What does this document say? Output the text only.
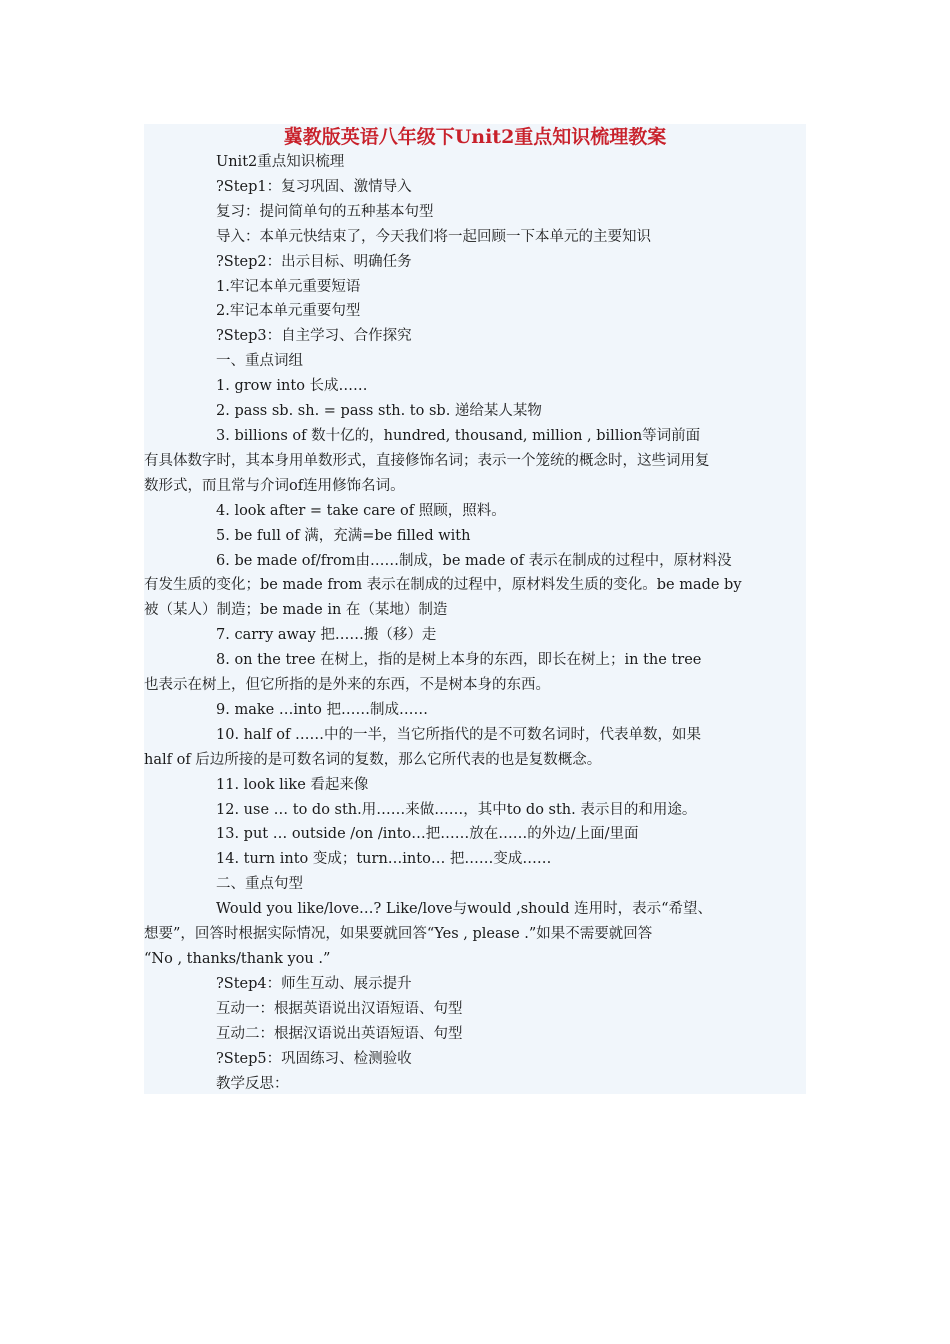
冀教版英语八年级下Unit2重点知识梳理教案

Unit2重点知识梳理

?Step1：复习巩固、激情导入

复习：提问简单句的五种基本句型

导入：本单元快结束了，今天我们将一起回顾一下本单元的主要知识

?Step2：出示目标、明确任务

1.牢记本单元重要短语

2.牢记本单元重要句型

?Step3：自主学习、合作探究

一、重点词组

1. grow into 长成……

2. pass sb. sh. = pass sth. to sb. 递给某人某物

3. billions of 数十亿的，hundred, thousand, million , billion等词前面

有具体数字时，其本身用单数形式，直接修饰名词；表示一个笼统的概念时，这些词用复

数形式，而且常与介词of连用修饰名词。

4. look after = take care of 照顾，照料。

5. be full of 满，充满=be filled with

6. be made of/from由……制成，be made of 表示在制成的过程中，原材料没

有发生质的变化；be made from 表示在制成的过程中，原材料发生质的变化。be made by

被（某人）制造；be made in 在（某地）制造

7. carry away 把……搬（移）走

8. on the tree 在树上，指的是树上本身的东西，即长在树上；in the tree

也表示在树上，但它所指的是外来的东西，不是树本身的东西。

9. make …into 把……制成……

10. half of ……中的一半，当它所指代的是不可数名词时，代表单数，如果

half of 后边所接的是可数名词的复数，那么它所代表的也是复数概念。

11. look like 看起来像

12. use … to do sth.用……来做……，其中to do sth. 表示目的和用途。

13. put … outside /on /into…把……放在……的外边/上面/里面

14. turn into 变成；turn…into… 把……变成……

二、重点句型

Would you like/love…? Like/love与would ,should 连用时，表示“希望、

想要”，回答时根据实际情况，如果要就回答“Yes , please .”如果不需要就回答

“No , thanks/thank you .”

?Step4：师生互动、展示提升

互动一：根据英语说出汉语短语、句型

互动二：根据汉语说出英语短语、句型

?Step5：巩固练习、检测验收

教学反思：
